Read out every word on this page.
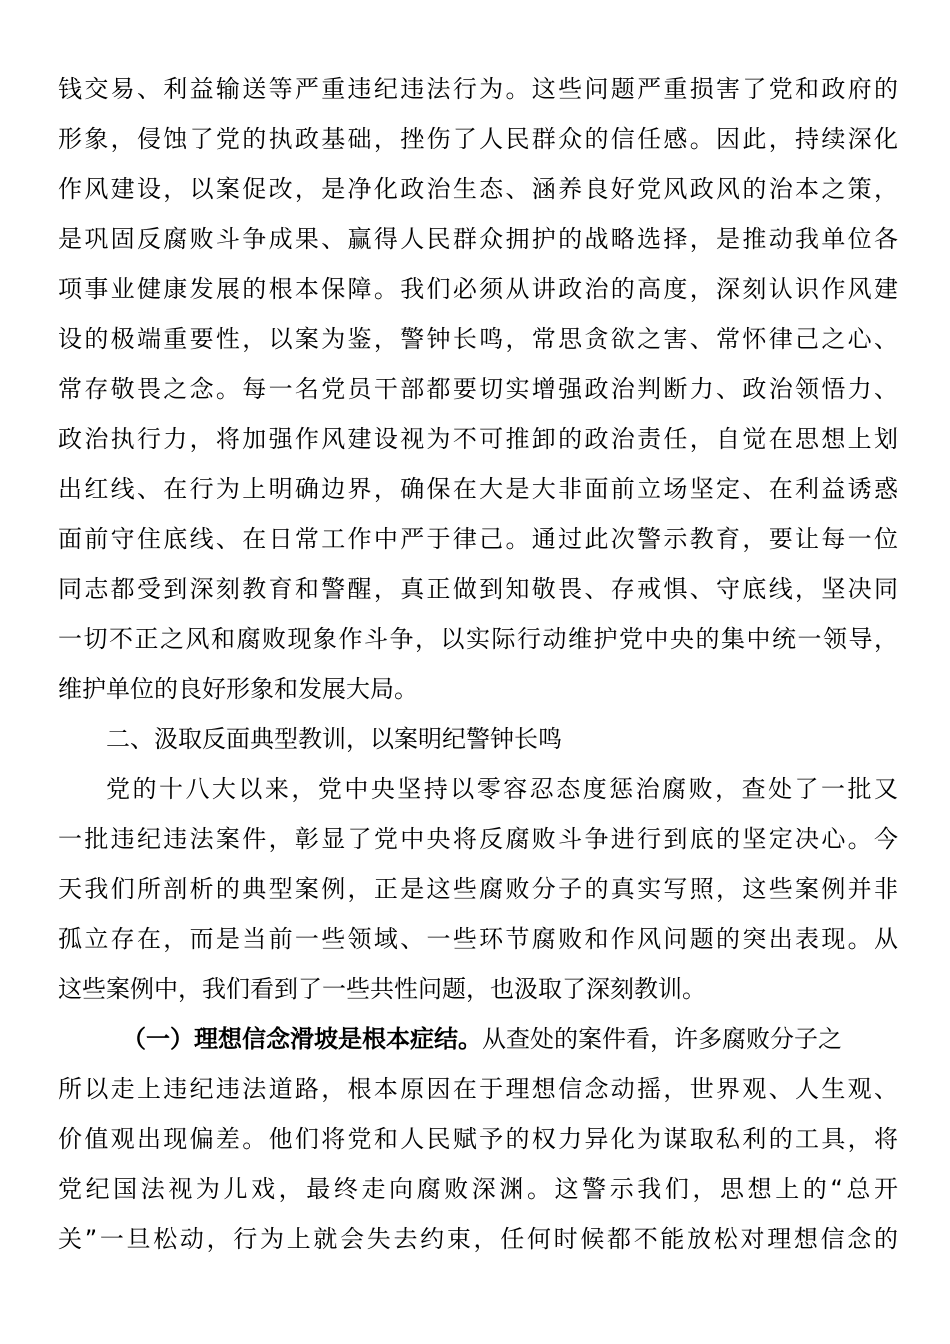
钱交易、利益输送等严重违纪违法行为。这些问题严重损害了党和政府的
形象，侵蚀了党的执政基础，挫伤了人民群众的信任感。因此，持续深化
作风建设，以案促改，是净化政治生态、涵养良好党风政风的治本之策，
是巩固反腐败斗争成果、赢得人民群众拥护的战略选择，是推动我单位各
项事业健康发展的根本保障。我们必须从讲政治的高度，深刻认识作风建
设的极端重要性，以案为鉴，警钟长鸣，常思贪欲之害、常怀律己之心、
常存敬畏之念。每一名党员干部都要切实增强政治判断力、政治领悟力、
政治执行力，将加强作风建设视为不可推卸的政治责任，自觉在思想上划
出红线、在行为上明确边界，确保在大是大非面前立场坚定、在利益诱惑
面前守住底线、在日常工作中严于律己。通过此次警示教育，要让每一位
同志都受到深刻教育和警醒，真正做到知敬畏、存戒惧、守底线，坚决同
一切不正之风和腐败现象作斗争，以实际行动维护党中央的集中统一领导，
维护单位的良好形象和发展大局。
二、汲取反面典型教训，以案明纪警钟长鸣
党的十八大以来，党中央坚持以零容忍态度惩治腐败，查处了一批又
一批违纪违法案件，彰显了党中央将反腐败斗争进行到底的坚定决心。今
天我们所剖析的典型案例，正是这些腐败分子的真实写照，这些案例并非
孤立存在，而是当前一些领域、一些环节腐败和作风问题的突出表现。从
这些案例中，我们看到了一些共性问题，也汲取了深刻教训。
（一）理想信念滑坡是根本症结。从查处的案件看，许多腐败分子之
所以走上违纪违法道路，根本原因在于理想信念动摇，世界观、人生观、
价值观出现偏差。他们将党和人民赋予的权力异化为谋取私利的工具，将
党纪国法视为儿戏，最终走向腐败深渊。这警示我们，思想上的“总开
关”一旦松动，行为上就会失去约束，任何时候都不能放松对理想信念的
